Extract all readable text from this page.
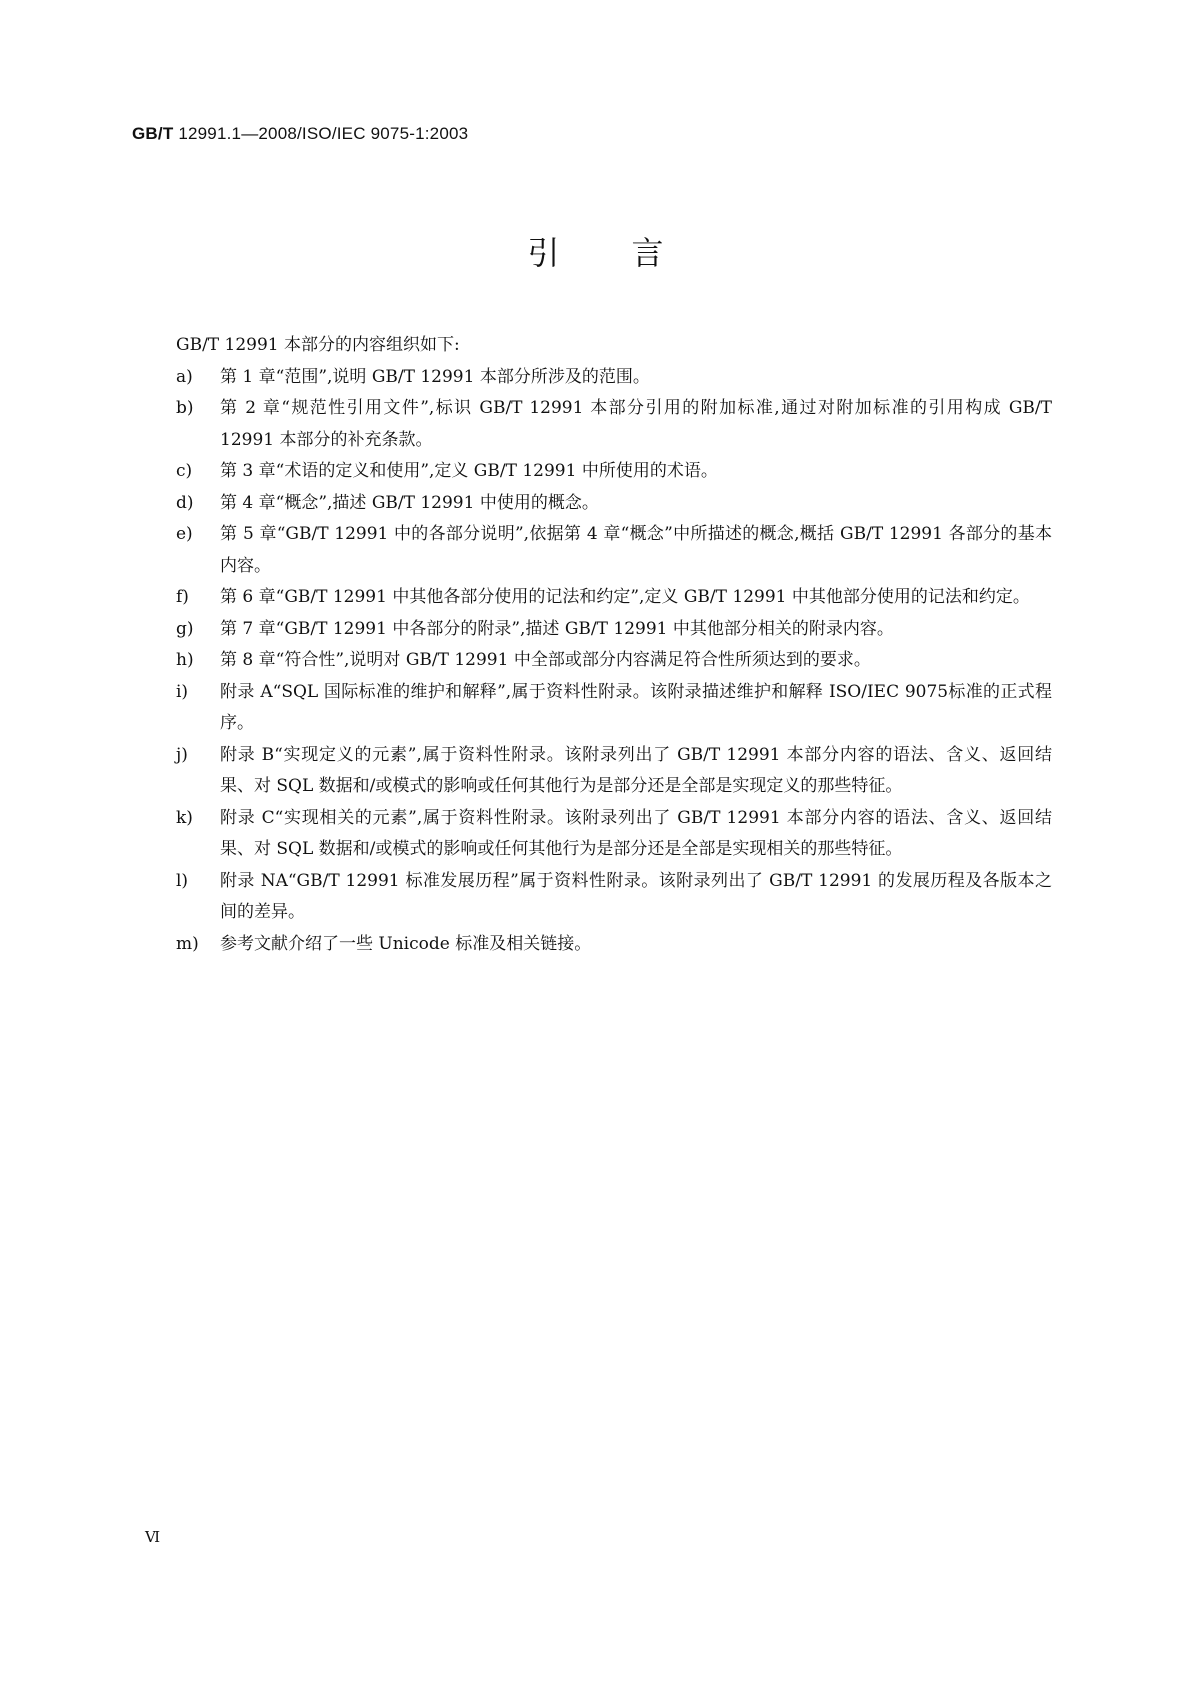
GB/T 12991.1—2008/ISO/IEC 9075-1:2003
引言

GB/T 12991 本部分的内容组织如下:

a) 第 1 章“范围”,说明 GB/T 12991 本部分所涉及的范围。
b) 第 2 章“规范性引用文件”,标识 GB/T 12991 本部分引用的附加标准,通过对附加标准的引用构成 GB/T 12991 本部分的补充条款。
c) 第 3 章“术语的定义和使用”,定义 GB/T 12991 中所使用的术语。
d) 第 4 章“概念”,描述 GB/T 12991 中使用的概念。
e) 第 5 章“GB/T 12991 中的各部分说明”,依据第 4 章“概念”中所描述的概念,概括 GB/T 12991 各部分的基本内容。
f) 第 6 章“GB/T 12991 中其他各部分使用的记法和约定”,定义 GB/T 12991 中其他部分使用的记法和约定。
g) 第 7 章“GB/T 12991 中各部分的附录”,描述 GB/T 12991 中其他部分相关的附录内容。
h) 第 8 章“符合性”,说明对 GB/T 12991 中全部或部分内容满足符合性所须达到的要求。
i) 附录 A“SQL 国际标准的维护和解释”,属于资料性附录。该附录描述维护和解释 ISO/IEC 9075标准的正式程序。
j) 附录 B“实现定义的元素”,属于资料性附录。该附录列出了 GB/T 12991 本部分内容的语法、含义、返回结果、对 SQL 数据和/或模式的影响或任何其他行为是部分还是全部是实现定义的那些特征。
k) 附录 C“实现相关的元素”,属于资料性附录。该附录列出了 GB/T 12991 本部分内容的语法、含义、返回结果、对 SQL 数据和/或模式的影响或任何其他行为是部分还是全部是实现相关的那些特征。
l) 附录 NA“GB/T 12991 标准发展历程”属于资料性附录。该附录列出了 GB/T 12991 的发展历程及各版本之间的差异。
m) 参考文献介绍了一些 Unicode 标准及相关链接。
Ⅵ
